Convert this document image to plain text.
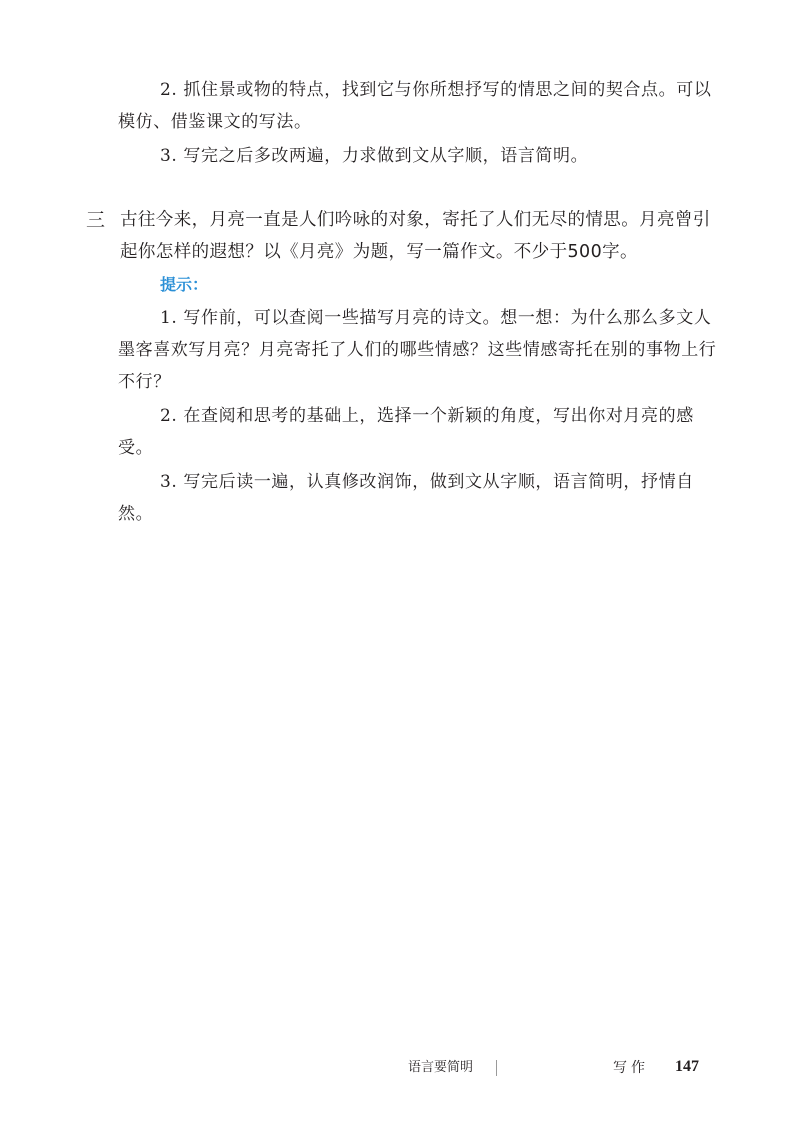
2. 抓住景或物的特点，找到它与你所想抒写的情思之间的契合点。可以模仿、借鉴课文的写法。

3. 写完之后多改两遍，力求做到文从字顺，语言简明。

三 古往今来，月亮一直是人们吟咏的对象，寄托了人们无尽的情思。月亮曾引起你怎样的遐想？以《月亮》为题，写一篇作文。不少于500字。

提示：

1. 写作前，可以查阅一些描写月亮的诗文。想一想：为什么那么多文人墨客喜欢写月亮？月亮寄托了人们的哪些情感？这些情感寄托在别的事物上行不行？

2. 在查阅和思考的基础上，选择一个新颖的角度，写出你对月亮的感受。

3. 写完后读一遍，认真修改润饰，做到文从字顺，语言简明，抒情自然。

语言要简明	写作 147
